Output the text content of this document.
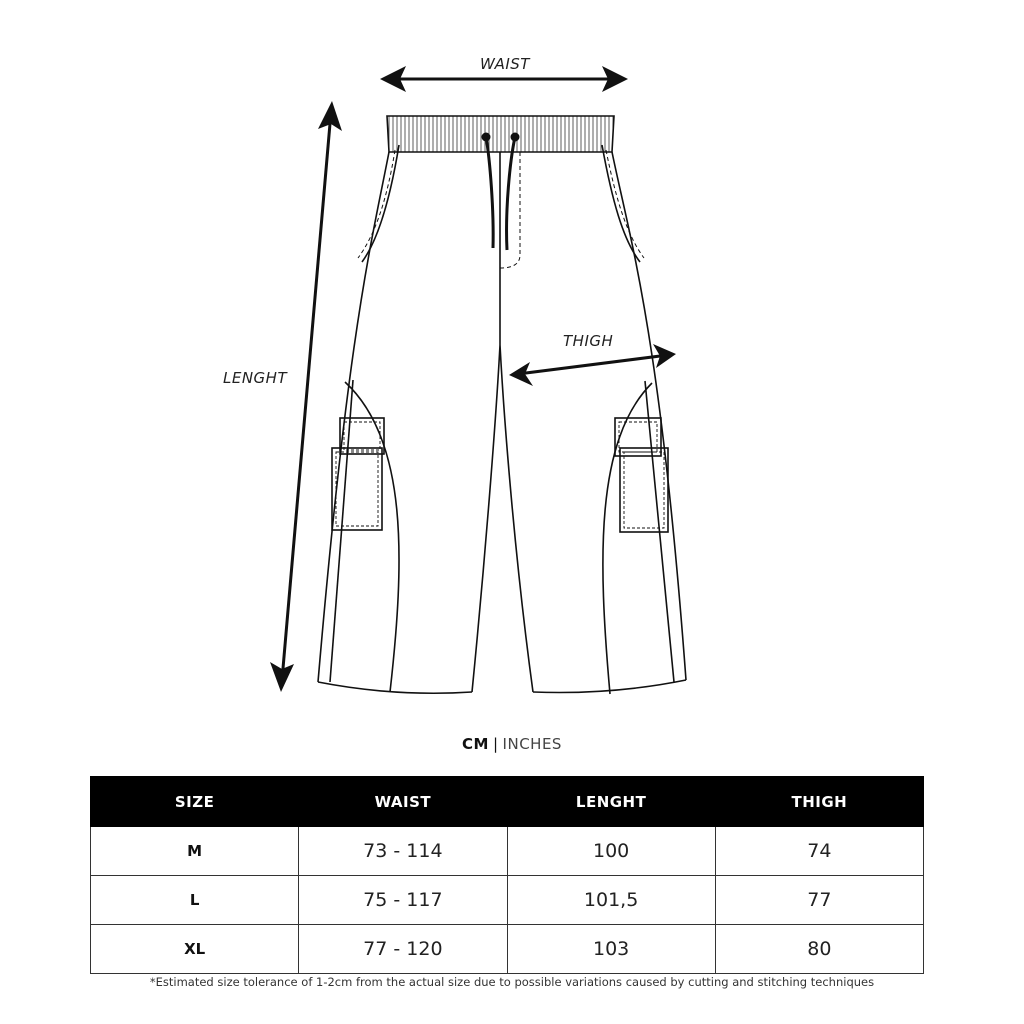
WAIST
LENGHT
THIGH
CM | INCHES
SIZE	WAIST	LENGHT	THIGH
M	73 - 114	100	74
L	75 - 117	101,5	77
XL	77 - 120	103	80
*Estimated size tolerance of 1-2cm from the actual size due to possible variations caused by cutting and stitching techniques
